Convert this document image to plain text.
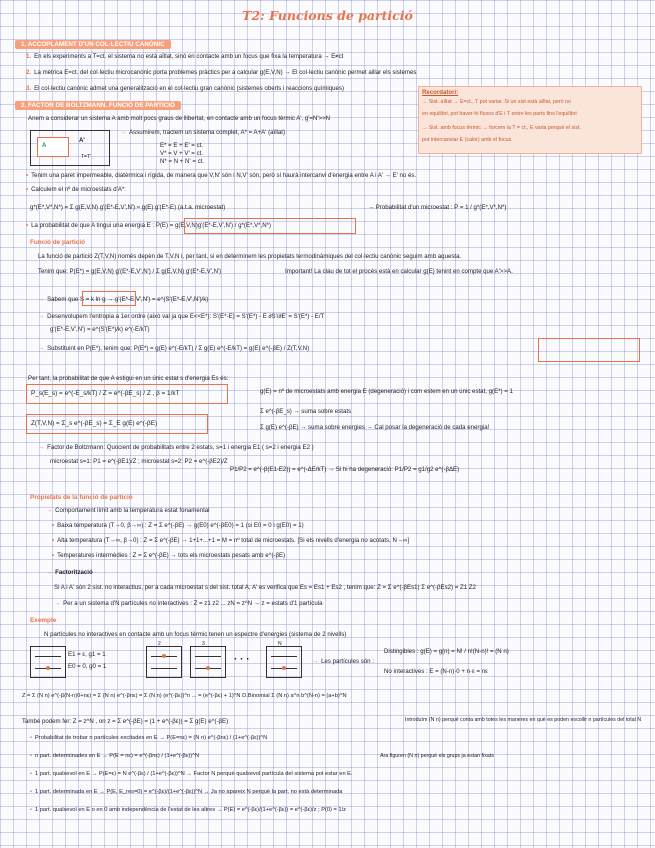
T2: Funcions de partició
1. ACCOPLAMENT D'UN COL·LECTIU CANÒNIC
1. En els experiments a T=ct. el sistema no està aïllat, sinó en contacte amb un focus que fixa la temperatura → E≠ct
2. La mètrica E=ct. del col·lectiu microcanònic porta problemes pràctics per a calcular g(E,V,N) → El col·lectiu canònic permet aillar els sistemes
3. El col·lectiu canònic admet una generalització en el col·lectiu gran canònic (sistemes oberts i reaccions químiques)
Recordatori:
→ Sist. aïllat → E=ct., T pot variar. Si un sist està aïllat, però no
en equilibri, pot haver-hi fluxos d'E i T entre les parts fins l'equilibri
→ Sist. amb focus tèrmic → forcem la T = ct., E varia perquè el sist.
pot intercanviar E (calor) amb el focus.
2. FACTOR DE BOLTZMANN. FUNCIÓ DE PARTICIÓ
Anem a considerar un sistema A amb molt pocs graus de llibertat, en contacte amb un focus tèrmic A', g'=N'>>N
A
A'
T=T'
→ Assumirem, tractem un sistema complet, A* = A+A' (aïllat)
E* = E + E' = ct.
V* = V + V' = ct.
N* = N + N' = ct.
• Tenim una paret impermeable, diatèrmica i rígida, de manera que V,N' són i N,V' són, però sí haurà intercanvi d'energia entre A i A' → E' no és.
• Calculem el nº de microestats d'A*:
g*(E*,V*,N*) = Σ g(E,V,N) g'(E*-E,V',N') ≈ g(E) g'(E*-E) (a.t.a. microestat)	→ Probabilitat d'un microestat : P = 1 / g*(E*,V*,N*)
• La probabilitat de que A tingui una energia E : P(E) = g(E,V,N)g'(E*-E,V',N') / g*(E*,V*,N*)
Funció de partició
La funció de partició Z(T,V,N) només depèn de T,V,N i, per tant, si en determinem les propietats termodinàmiques del col·lectiu canònic seguim amb aquesta.
Tenim que: P(E*) = g(E,V,N) g'(E*-E,V',N') / Σ g(E,V,N) g'(E*-E,V',N')	Important! La clau de tot el procés està en calcular g(E) tenint en compte que A'>>A.
→ Sabem que S = k ln g → g'(E*-E,V',N') = e^(S'(E*-E,V',N')/k)
→ Desenvolupem l'entropia a 1er ordre (això val ja que E<<E*): S'(E*-E) = S'(E*) - E ∂S'/∂E' = S'(E*) - E/T
g'(E*-E,V',N') = e^(S'(E*)/k) e^(-E/kT)
→ Substituint en P(E*), tenim que: P(E*) = g(E) e^(-E/kT) / Σ g(E) e^(-E/kT) = g(E) e^(-βE) / Z(T,V,N)
Per tant, la probabilitat de que A estigui en un únic estat s d'energia Es és:
P_s(E_s) = e^(-E_s/kT) / Z = e^(-βE_s) / Z , β = 1/kT	g(E) = nº de microestats amb energia E (degeneració) i com estem en un únic estat, g(E*) = 1
Z(T,V,N) = Σ_s e^(-βE_s) = Σ_E g(E) e^(-βE)
Σ e^(-βE_s) → suma sobre estats
Σ g(E) e^(-βE) → suma sobre energies → Cal posar la degeneració de cada energia!
→ Factor de Boltzmann: Quocient de probabilitats entre 2 estats, s=1 i energia E1 ( s=2 i energia E2 )
microestat s=1: P1 = e^(-βE1)/Z ; microestat s=2: P2 = e^(-βE2)/Z
P1/P2 = e^(-β(E1-E2)) = e^(-ΔE/kT) → Si hi ha degeneració: P1/P2 = g1/g2 e^(-βΔE)
Propietats de la funció de partició
→ Comportament límit amb la temperatura estat fonamental
• Baixa temperatura (T→0, β→∞) : Z = Σ e^(-βE) → g(E0) e^(-βE0) = 1 (si E0 = 0 i g(E0) = 1)
• Alta temperatura (T→∞, β→0) : Z = Σ e^(-βE) → 1+1+...+1 = M = nº total de microestats. [Si els nivells d'energia no acotats, N→∞]
• Temperatures intermèdies : Z = Σ e^(-βE) → tots els microestats pesats amb e^(-βE)
→ Factorització
Si A i A' són 2 sist. no interactius, per a cada microestat s del sist. total A, A' es verifica que Es = Es1 + Es2 , tenim que: Z = Σ e^(-βEs1) Σ e^(-βEs2) = Z1 Z2
→ Per a un sistema d'N partícules no interactives : Z = z1 z2 ... zN = z^N → z = estats d'1 partícula
Exemple
N partícules no interactives en contacte amb un focus tèrmic tenen un espectre d'energies (sistema de 2 nivells)
E1 = ε, g1 = 1
E0 = 0, g0 = 1
2	3
· · ·
N
→ Les partícules són :
Distingibles : g(E) = g(n) = N! / n!(N-n)! = (N n)
No interactives : E = (N-n)·0 + n·ε = nε
Z = Σ (N n) e^(-β(N-n)0+nε) = Σ (N n) e^(-βnε) = Σ (N n) (e^(-βε))^n ... = (e^(-βε) + 1)^N D.Binomial Σ (N n) a^n b^(N-n) = (a+b)^N
També podem fer: Z = z^N , on z = Σ e^(-βE) = (1 + e^(-βε)) = Σ g(E) e^(-βE)	Introduïm (N n) perquè conta amb totes les maneres en què es poden escollir n partícules del total N
• Probabilitat de trobar n partícules excitades en E → P(E=nε) = (N n) e^(-βnε) / (1+e^(-βε))^N
• n part. determinades en E → P(E = nε) = e^(-βnε) / (1+e^(-βε))^N	Ara figuren (N n) perquè els grups ja estan fixats
• 1 part. qualsevol en E → P(E=ε) = N e^(-βε) / (1+e^(-βε))^N → Factor N perquè qualsevol partícula del sistema pot estar en E.
• 1 part. determinada en E → P(E, E_res=0) = e^(-βε)/(1+e^(-βε))^N → Ja no apareix N perquè la part. no està determinada
• 1 part. qualsevol en E o en 0 amb independència de l'estat de les altres → P(E) = e^(-βε)/(1+e^(-βε)) = e^(-βε)/z ; P(0) = 1/z
